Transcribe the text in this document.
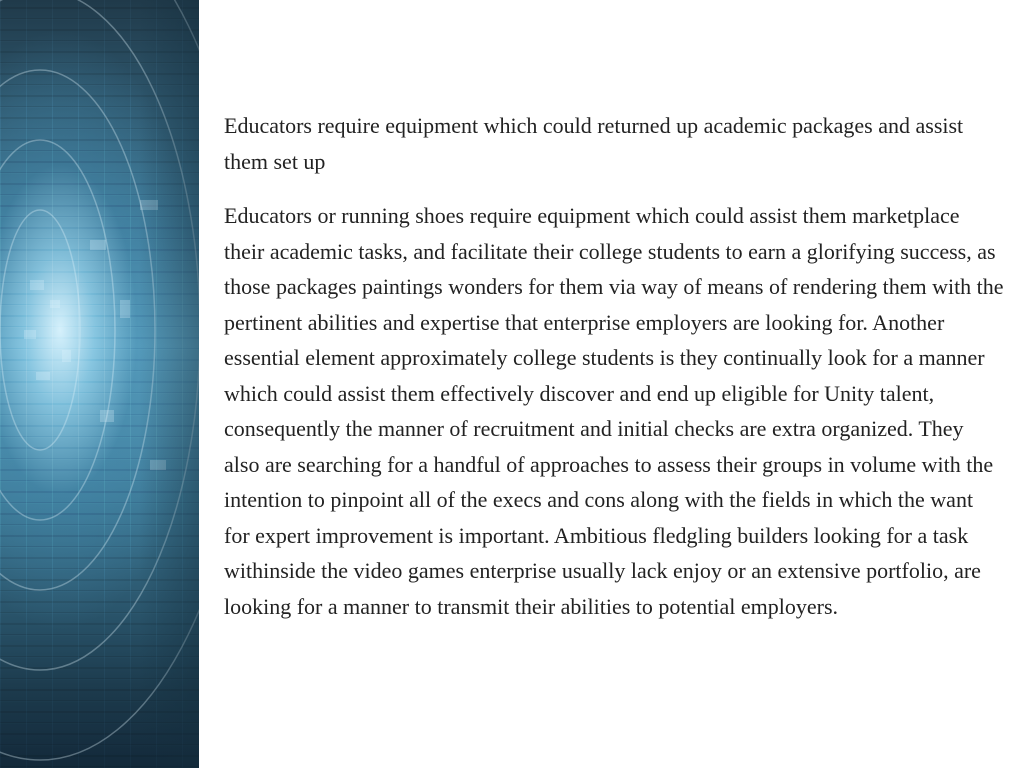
Educators require equipment which could returned up academic packages and assist them set up

Educators or running shoes require equipment which could assist them marketplace their academic tasks, and facilitate their college students to earn a glorifying success, as those packages paintings wonders for them via way of means of rendering them with the pertinent abilities and expertise that enterprise employers are looking for. Another essential element approximately college students is they continually look for a manner which could assist them effectively discover and end up eligible for Unity talent, consequently the manner of recruitment and initial checks are extra organized. They also are searching for a handful of approaches to assess their groups in volume with the intention to pinpoint all of the execs and cons along with the fields in which the want for expert improvement is important. Ambitious fledgling builders looking for a task withinside the video games enterprise usually lack enjoy or an extensive portfolio, are looking for a manner to transmit their abilities to potential employers.
